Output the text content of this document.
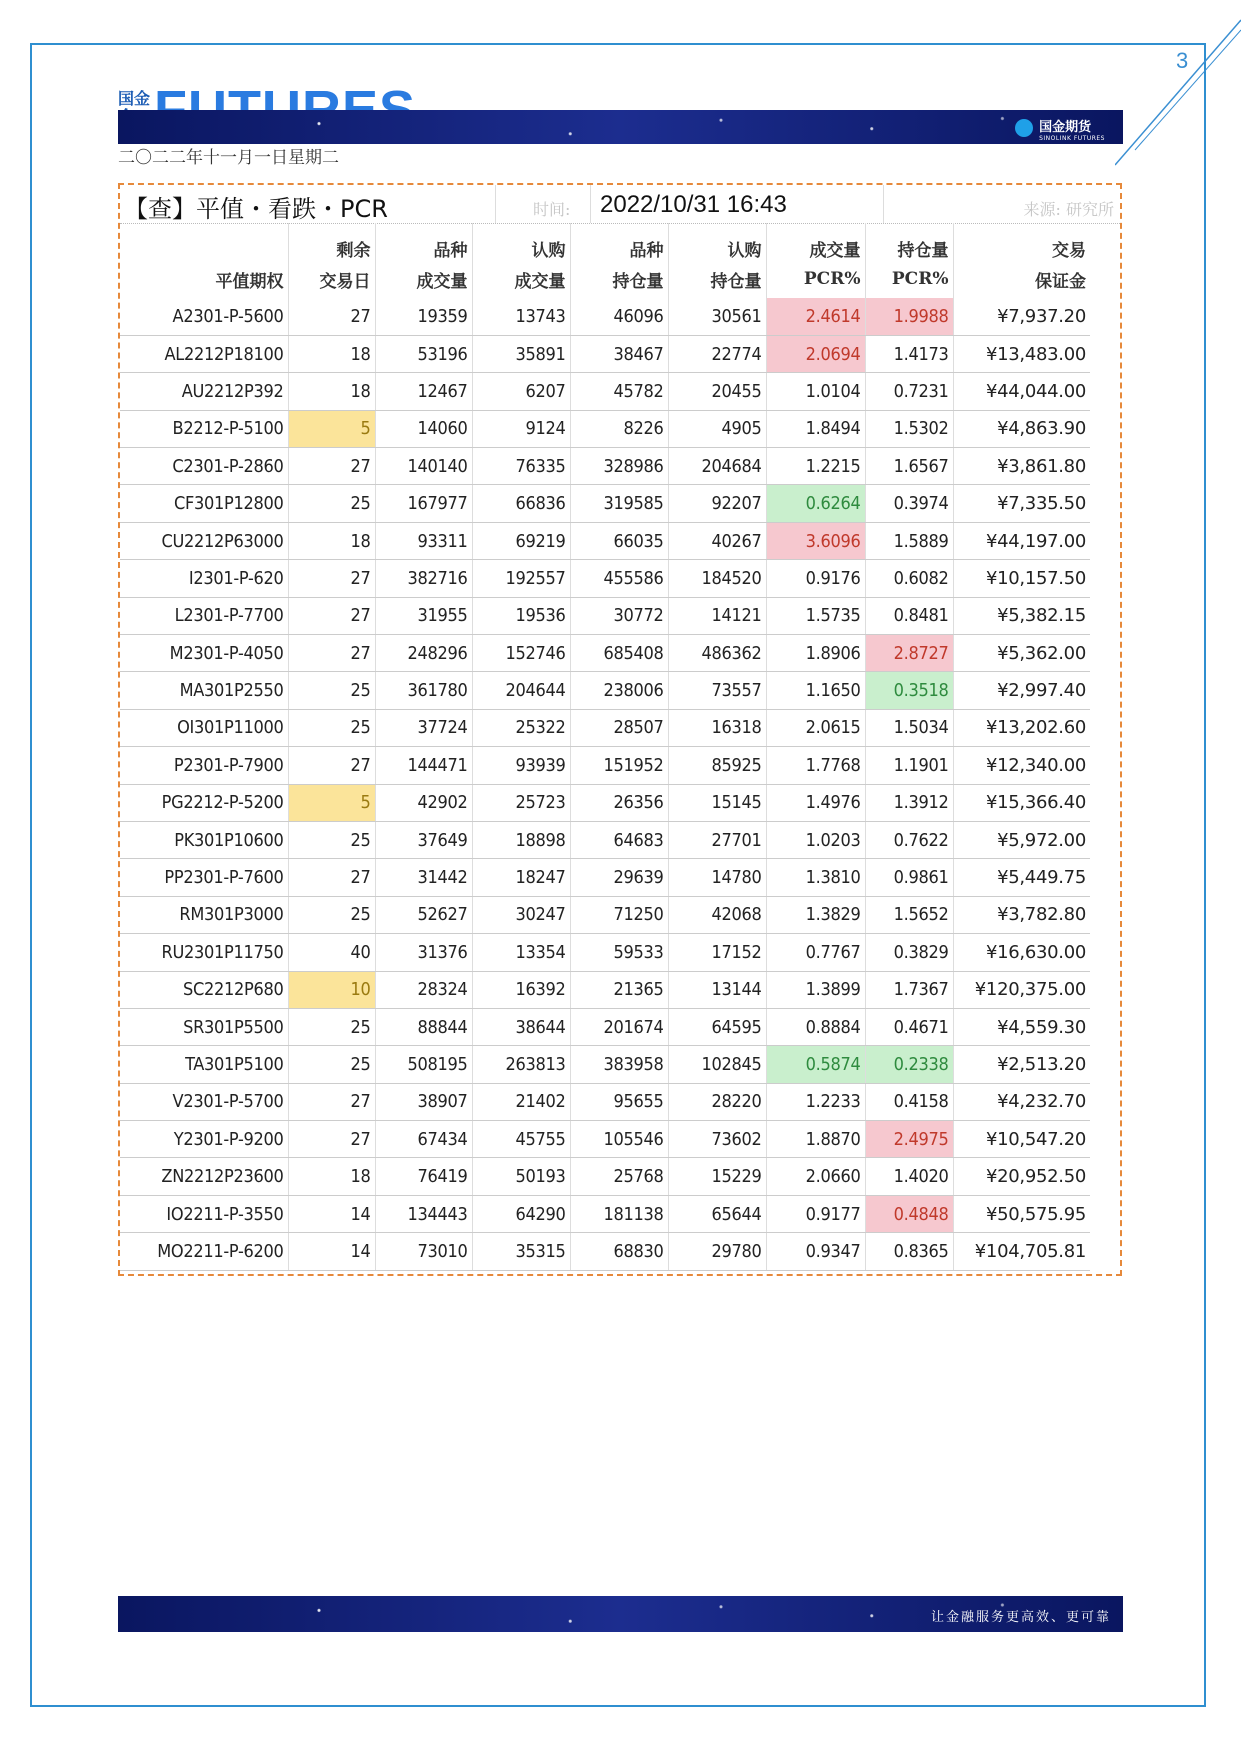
3
国金
国金期货
SINOLINK FUTURES
二〇二二年十一月一日星期二
【查】平值・看跌・PCR	时间: 2022/10/31 16:43	来源: 研究所
	剩余	品种	认购	品种	认购	成交量	持仓量	交易
平值期权	交易日	成交量	成交量	持仓量	持仓量	PCR%	PCR%	保证金
A2301-P-5600	27	19359	13743	46096	30561	2.4614	1.9988	¥7,937.20
AL2212P18100	18	53196	35891	38467	22774	2.0694	1.4173	¥13,483.00
AU2212P392	18	12467	6207	45782	20455	1.0104	0.7231	¥44,044.00
B2212-P-5100	5	14060	9124	8226	4905	1.8494	1.5302	¥4,863.90
C2301-P-2860	27	140140	76335	328986	204684	1.2215	1.6567	¥3,861.80
CF301P12800	25	167977	66836	319585	92207	0.6264	0.3974	¥7,335.50
CU2212P63000	18	93311	69219	66035	40267	3.6096	1.5889	¥44,197.00
I2301-P-620	27	382716	192557	455586	184520	0.9176	0.6082	¥10,157.50
L2301-P-7700	27	31955	19536	30772	14121	1.5735	0.8481	¥5,382.15
M2301-P-4050	27	248296	152746	685408	486362	1.8906	2.8727	¥5,362.00
MA301P2550	25	361780	204644	238006	73557	1.1650	0.3518	¥2,997.40
OI301P11000	25	37724	25322	28507	16318	2.0615	1.5034	¥13,202.60
P2301-P-7900	27	144471	93939	151952	85925	1.7768	1.1901	¥12,340.00
PG2212-P-5200	5	42902	25723	26356	15145	1.4976	1.3912	¥15,366.40
PK301P10600	25	37649	18898	64683	27701	1.0203	0.7622	¥5,972.00
PP2301-P-7600	27	31442	18247	29639	14780	1.3810	0.9861	¥5,449.75
RM301P3000	25	52627	30247	71250	42068	1.3829	1.5652	¥3,782.80
RU2301P11750	40	31376	13354	59533	17152	0.7767	0.3829	¥16,630.00
SC2212P680	10	28324	16392	21365	13144	1.3899	1.7367	¥120,375.00
SR301P5500	25	88844	38644	201674	64595	0.8884	0.4671	¥4,559.30
TA301P5100	25	508195	263813	383958	102845	0.5874	0.2338	¥2,513.20
V2301-P-5700	27	38907	21402	95655	28220	1.2233	0.4158	¥4,232.70
Y2301-P-9200	27	67434	45755	105546	73602	1.8870	2.4975	¥10,547.20
ZN2212P23600	18	76419	50193	25768	15229	2.0660	1.4020	¥20,952.50
IO2211-P-3550	14	134443	64290	181138	65644	0.9177	0.4848	¥50,575.95
MO2211-P-6200	14	73010	35315	68830	29780	0.9347	0.8365	¥104,705.81
让金融服务更高效、更可靠
